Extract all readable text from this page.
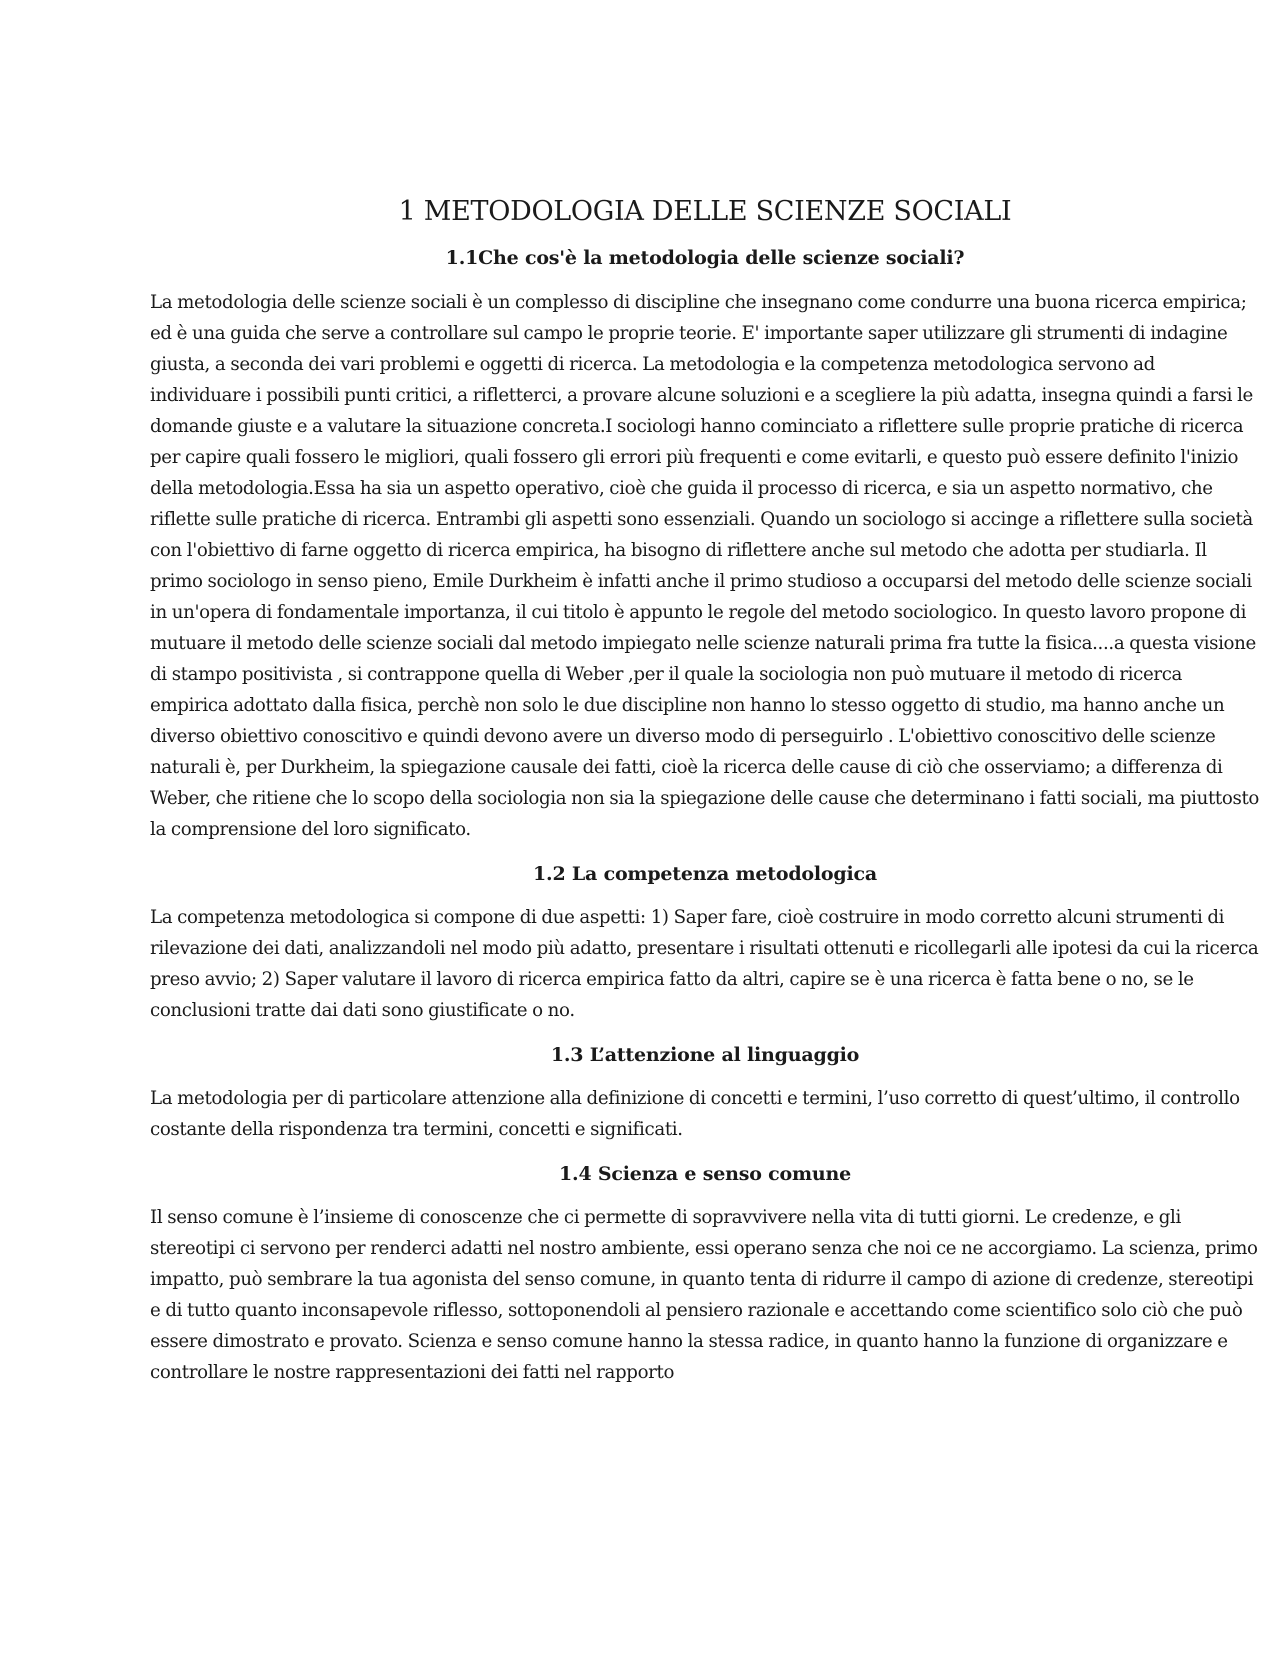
1 METODOLOGIA DELLE SCIENZE SOCIALI
1.1Che cos'è la metodologia delle scienze sociali?

La metodologia delle scienze sociali è un complesso di discipline che insegnano come condurre una buona ricerca empirica; ed è una guida che serve a controllare sul campo le proprie teorie. E' importante saper utilizzare gli strumenti di indagine giusta, a seconda dei vari problemi e oggetti di ricerca. La metodologia e la competenza metodologica servono ad individuare i possibili punti critici, a rifletterci, a provare alcune soluzioni e a scegliere la più adatta, insegna quindi a farsi le domande giuste e a valutare la situazione concreta.I sociologi hanno cominciato a riflettere sulle proprie pratiche di ricerca per capire quali fossero le migliori, quali fossero gli errori più frequenti e come evitarli, e questo può essere definito l'inizio della metodologia.Essa ha sia un aspetto operativo, cioè che guida il processo di ricerca, e sia un aspetto normativo, che riflette sulle pratiche di ricerca. Entrambi gli aspetti sono essenziali. Quando un sociologo si accinge a riflettere sulla società con l'obiettivo di farne oggetto di ricerca empirica, ha bisogno di riflettere anche sul metodo che adotta per studiarla. Il primo sociologo in senso pieno, Emile Durkheim è infatti anche il primo studioso a occuparsi del metodo delle scienze sociali in un'opera di fondamentale importanza, il cui titolo è appunto le regole del metodo sociologico. In questo lavoro propone di mutuare il metodo delle scienze sociali dal metodo impiegato nelle scienze naturali prima fra tutte la fisica....a questa visione di stampo positivista , si contrappone quella di Weber ,per il quale la sociologia non può mutuare il metodo di ricerca empirica adottato dalla fisica, perchè non solo le due discipline non hanno lo stesso oggetto di studio, ma hanno anche un diverso obiettivo conoscitivo e quindi devono avere un diverso modo di perseguirlo . L'obiettivo conoscitivo delle scienze naturali è, per Durkheim, la spiegazione causale dei fatti, cioè la ricerca delle cause di ciò che osserviamo; a differenza di Weber, che ritiene che lo scopo della sociologia non sia la spiegazione delle cause che determinano i fatti sociali, ma piuttosto la comprensione del loro significato.

1.2 La competenza metodologica

La competenza metodologica si compone di due aspetti: 1) Saper fare, cioè costruire in modo corretto alcuni strumenti di rilevazione dei dati, analizzandoli nel modo più adatto, presentare i risultati ottenuti e ricollegarli alle ipotesi da cui la ricerca preso avvio; 2) Saper valutare il lavoro di ricerca empirica fatto da altri, capire se è una ricerca è fatta bene o no, se le conclusioni tratte dai dati sono giustificate o no.

1.3 L’attenzione al linguaggio

La metodologia per di particolare attenzione alla definizione di concetti e termini, l’uso corretto di quest’ultimo, il controllo costante della rispondenza tra termini, concetti e significati.

1.4 Scienza e senso comune

Il senso comune è l’insieme di conoscenze che ci permette di sopravvivere nella vita di tutti giorni. Le credenze, e gli stereotipi ci servono per renderci adatti nel nostro ambiente, essi operano senza che noi ce ne accorgiamo. La scienza, primo impatto, può sembrare la tua agonista del senso comune, in quanto tenta di ridurre il campo di azione di credenze, stereotipi e di tutto quanto inconsapevole riflesso, sottoponendoli al pensiero razionale e accettando come scientifico solo ciò che può essere dimostrato e provato. Scienza e senso comune hanno la stessa radice, in quanto hanno la funzione di organizzare e controllare le nostre rappresentazioni dei fatti nel rapporto
